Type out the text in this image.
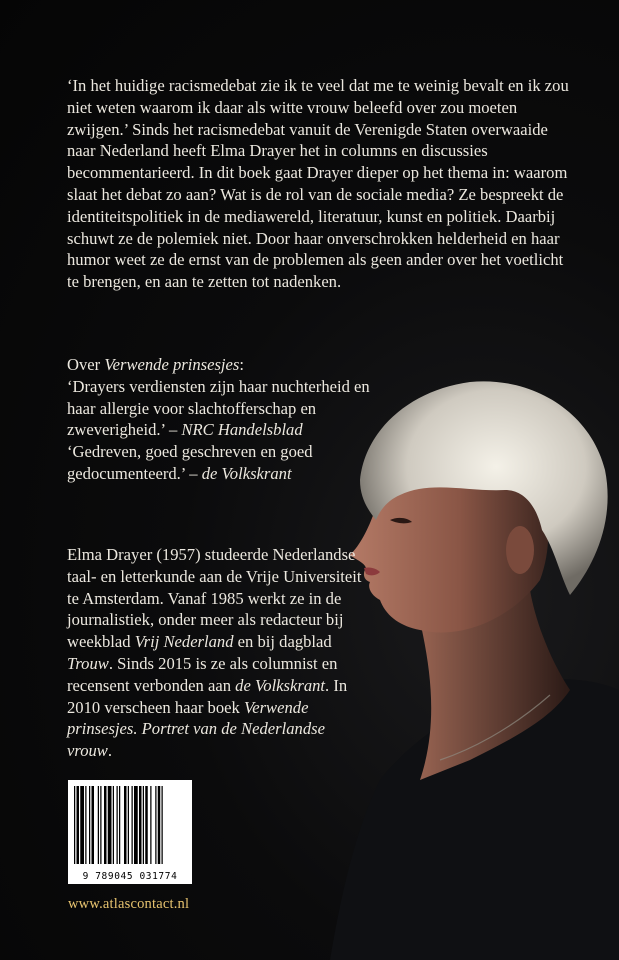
‘In het huidige racismedebat zie ik te veel dat me te weinig bevalt en ik zou niet weten waarom ik daar als witte vrouw beleefd over zou moeten zwijgen.’ Sinds het racismedebat vanuit de Verenigde Staten overwaaide naar Nederland heeft Elma Drayer het in columns en discussies becommentarieerd. In dit boek gaat Drayer dieper op het thema in: waarom slaat het debat zo aan? Wat is de rol van de sociale media? Ze bespreekt de identiteitspolitiek in de mediawereld, literatuur, kunst en politiek. Daarbij schuwt ze de polemiek niet. Door haar onverschrokken helderheid en haar humor weet ze de ernst van de problemen als geen ander over het voetlicht te brengen, en aan te zetten tot nadenken.

Over Verwende prinsesjes:

‘Drayers verdiensten zijn haar nuchterheid en haar allergie voor slachtofferschap en zweverigheid.’ – NRC Handelsblad

‘Gedreven, goed geschreven en goed gedocumenteerd.’ – de Volkskrant

Elma Drayer (1957) studeerde Nederlandse taal- en letterkunde aan de Vrije Universiteit te Amsterdam. Vanaf 1985 werkt ze in de journalistiek, onder meer als redacteur bij weekblad Vrij Nederland en bij dagblad Trouw. Sinds 2015 is ze als columnist en recensent verbonden aan de Volkskrant. In 2010 verscheen haar boek Verwende prinsesjes. Portret van de Nederlandse vrouw.

9 789045 031774
www.atlascontact.nl
